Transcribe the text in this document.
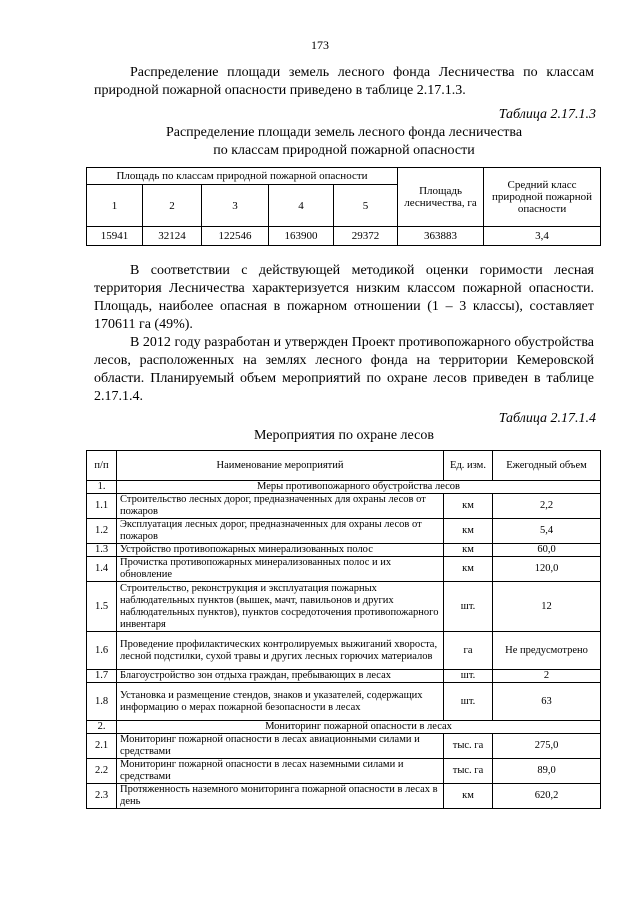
173
Распределение площади земель лесного фонда Лесничества по классам природной пожарной опасности приведено в таблице 2.17.1.3.
Таблица 2.17.1.3
Распределение площади земель лесного фонда лесничества
по классам природной пожарной опасности
Площадь по классам природной пожарной опасности					Площадь лесничества, га	Средний класс природной пожарной опасности
1	2	3	4	5		
15941	32124	122546	163900	29372	363883	3,4
В соответствии с действующей методикой оценки горимости лесная территория Лесничества характеризуется низким классом пожарной опасности. Площадь, наиболее опасная в пожарном отношении (1 – 3 классы), составляет 170611 га (49%).
В 2012 году разработан и утвержден Проект противопожарного обустройства лесов, расположенных на землях лесного фонда на территории Кемеровской области. Планируемый объем мероприятий по охране лесов приведен в таблице 2.17.1.4.
Таблица 2.17.1.4
Мероприятия по охране лесов
п/п	Наименование мероприятий	Ед. изм.	Ежегодный объем
1.	Меры противопожарного обустройства лесов		
1.1	Строительство лесных дорог, предназначенных для охраны лесов от пожаров	км	2,2
1.2	Эксплуатация лесных дорог, предназначенных для охраны лесов от пожаров	км	5,4
1.3	Устройство противопожарных минерализованных полос	км	60,0
1.4	Прочистка противопожарных минерализованных полос и их обновление	км	120,0
1.5	Строительство, реконструкция и эксплуатация пожарных наблюдательных пунктов (вышек, мачт, павильонов и других наблюдательных пунктов), пунктов сосредоточения противопожарного инвентаря	шт.	12
1.6	Проведение профилактических контролируемых выжиганий хвороста, лесной подстилки, сухой травы и других лесных горючих материалов	га	Не предусмотрено
1.7	Благоустройство зон отдыха граждан, пребывающих в лесах	шт.	2
1.8	Установка и размещение стендов, знаков и указателей, содержащих информацию о мерах пожарной безопасности в лесах	шт.	63
2.	Мониторинг пожарной опасности в лесах		
2.1	Мониторинг пожарной опасности в лесах авиационными силами и средствами	тыс. га	275,0
2.2	Мониторинг пожарной опасности в лесах наземными силами и средствами	тыс. га	89,0
2.3	Протяженность наземного мониторинга пожарной опасности в лесах в день	км	620,2
